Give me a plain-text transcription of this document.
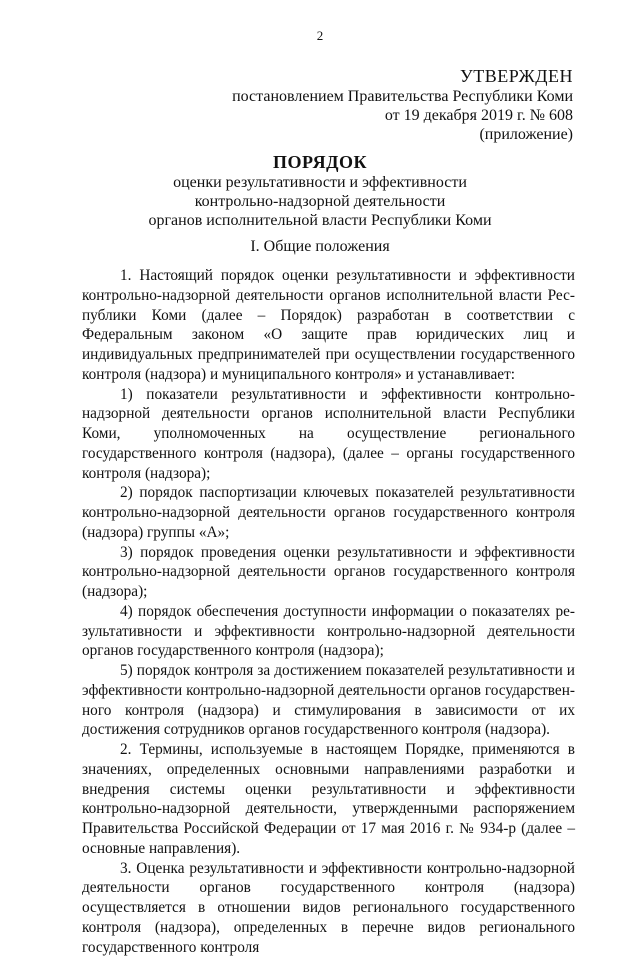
2
УТВЕРЖДЕН
постановлением Правительства Республики Коми
от 19 декабря 2019 г. № 608
(приложение)
ПОРЯДОК
оценки результативности и эффективности
контрольно-надзорной деятельности
органов исполнительной власти Республики Коми
I. Общие положения

1. Настоящий порядок оценки результативности и эффективности контрольно-надзорной деятельности органов исполнительной власти Республики Коми (далее – Порядок) разработан в соответствии с Федеральным законом «О защите прав юридических лиц и индивидуальных предпринимателей при осуществлении государственного контроля (надзора) и муниципального контроля» и устанавливает:

1) показатели результативности и эффективности контрольно-надзорной деятельности органов исполнительной власти Республики Коми, уполномоченных на осуществление регионального государственного контроля (надзора), (далее – органы государственного контроля (надзора);

2) порядок паспортизации ключевых показателей результативности контрольно-надзорной деятельности органов государственного контроля (надзора) группы «А»;

3) порядок проведения оценки результативности и эффективности контрольно-надзорной деятельности органов государственного контроля (надзора);

4) порядок обеспечения доступности информации о показателях результативности и эффективности контрольно-надзорной деятельности органов государственного контроля (надзора);

5) порядок контроля за достижением показателей результативности и эффективности контрольно-надзорной деятельности органов государственного контроля (надзора) и стимулирования в зависимости от их достижения сотрудников органов государственного контроля (надзора).

2. Термины, используемые в настоящем Порядке, применяются в значениях, определенных основными направлениями разработки и внедрения системы оценки результативности и эффективности контрольно-надзорной деятельности, утвержденными распоряжением Правительства Российской Федерации от 17 мая 2016 г. № 934-р (далее – основные направления).

3. Оценка результативности и эффективности контрольно-надзорной деятельности органов государственного контроля (надзора) осуществляется в отношении видов регионального государственного контроля (надзора), определенных в перечне видов регионального государственного контроля
